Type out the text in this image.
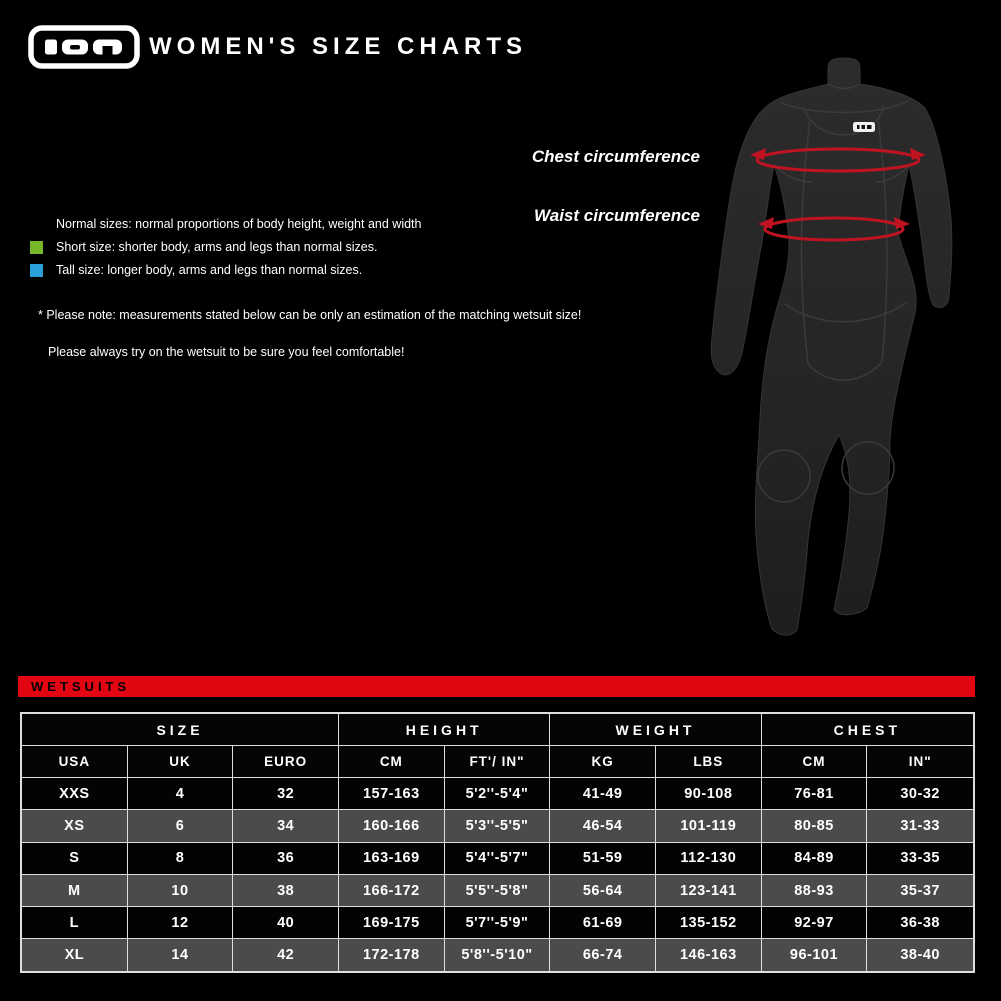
WOMEN'S SIZE CHARTS
Normal sizes: normal proportions of body height, weight and width
Short size: shorter body, arms and legs than normal sizes.
Tall size: longer body, arms and legs than normal sizes.
* Please note: measurements stated below can be only an estimation of the matching wetsuit size!
Please always try on the wetsuit to be sure you feel comfortable!
Chest circumference
Waist circumference
WETSUITS
SIZE	HEIGHT	WEIGHT	CHEST
USA	UK	EURO	CM	FT'/ IN"	KG	LBS	CM	IN"
XXS	4	32	157-163	5'2''-5'4"	41-49	90-108	76-81	30-32
XS	6	34	160-166	5'3''-5'5"	46-54	101-119	80-85	31-33
S	8	36	163-169	5'4''-5'7"	51-59	112-130	84-89	33-35
M	10	38	166-172	5'5''-5'8"	56-64	123-141	88-93	35-37
L	12	40	169-175	5'7''-5'9"	61-69	135-152	92-97	36-38
XL	14	42	172-178	5'8''-5'10"	66-74	146-163	96-101	38-40
